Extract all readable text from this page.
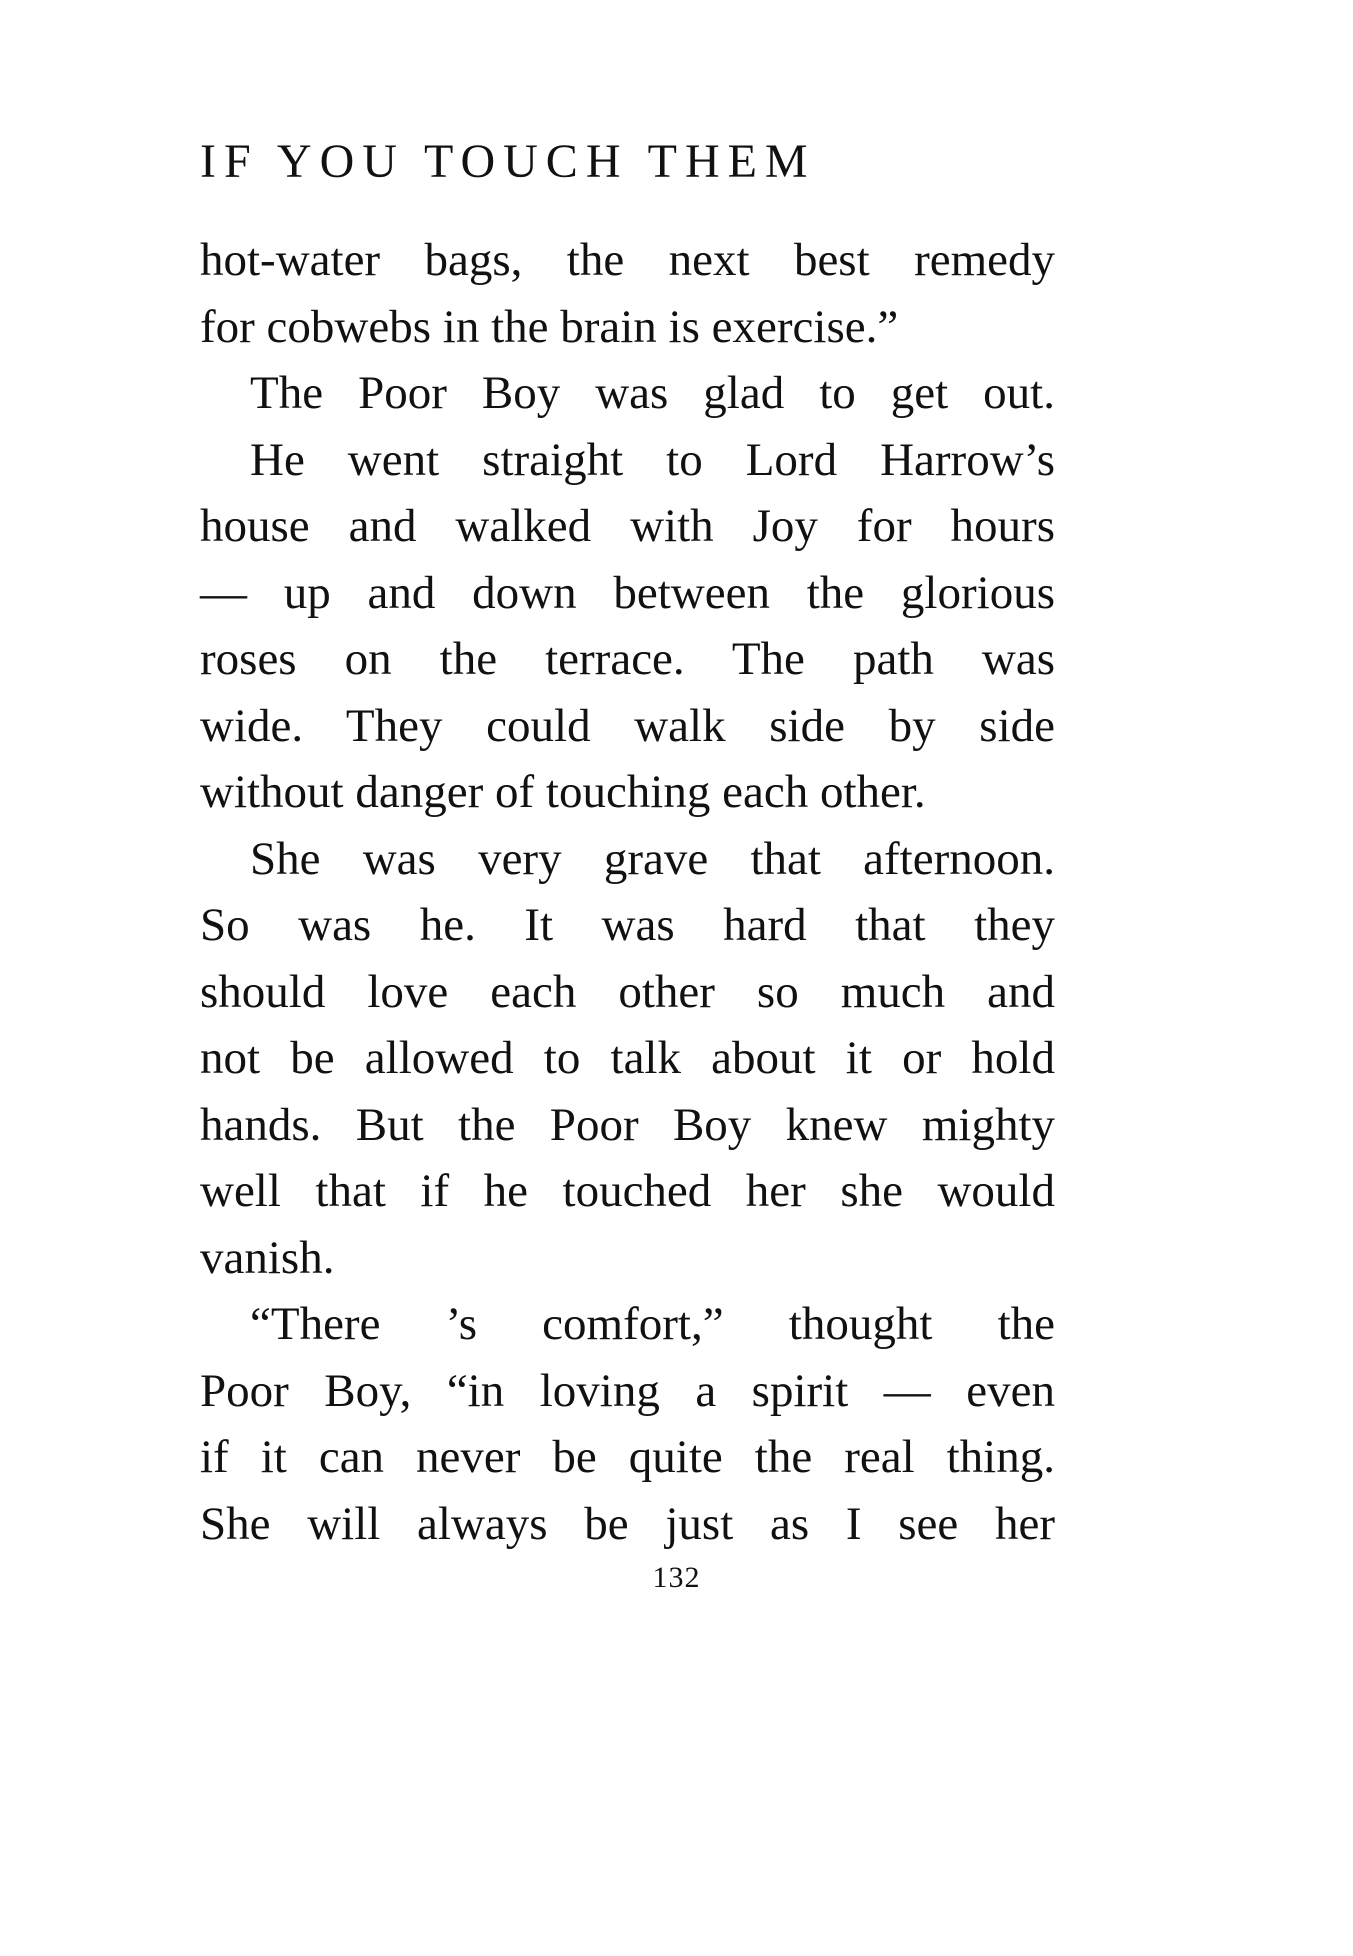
IF YOU TOUCH THEM
hot-water bags, the next best remedy
for cobwebs in the brain is exercise.”
The Poor Boy was glad to get out.
He went straight to Lord Harrow’s
house and walked with Joy for hours
— up and down between the glorious
roses on the terrace. The path was
wide. They could walk side by side
without danger of touching each other.
She was very grave that afternoon.
So was he. It was hard that they
should love each other so much and
not be allowed to talk about it or hold
hands. But the Poor Boy knew mighty
well that if he touched her she would
vanish.
“There ’s comfort,” thought the
Poor Boy, “in loving a spirit — even
if it can never be quite the real thing.
She will always be just as I see her
132
